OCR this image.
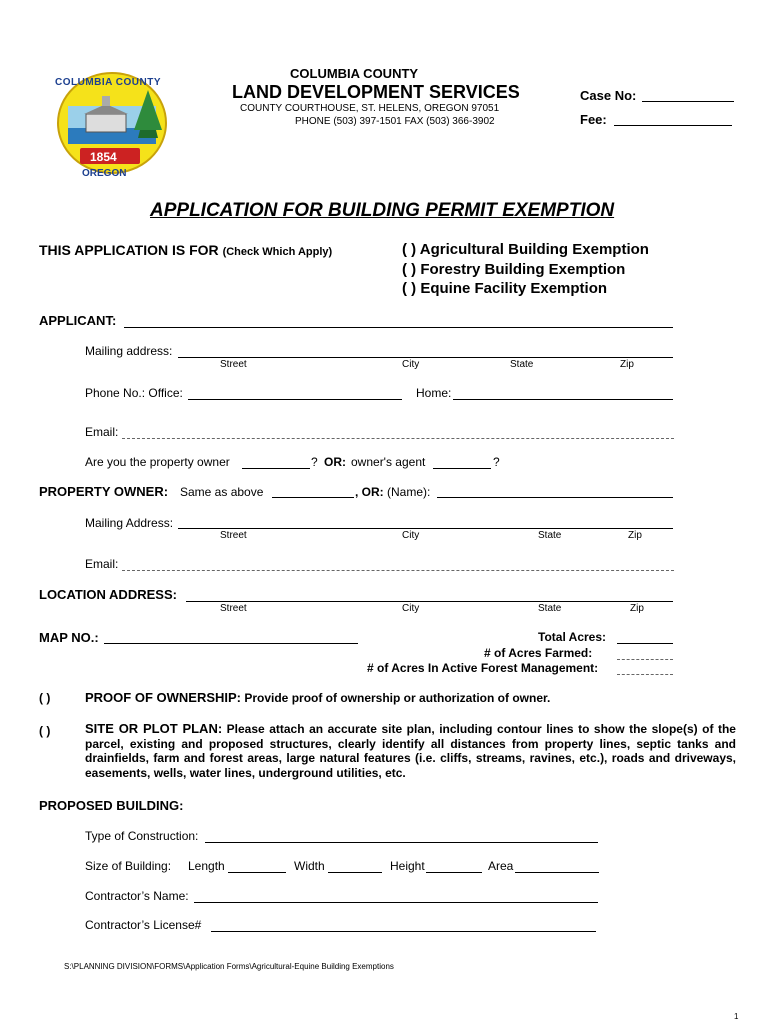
COLUMBIA COUNTY
1854
OREGON
COLUMBIA COUNTY
LAND DEVELOPMENT SERVICES
COUNTY COURTHOUSE, ST. HELENS, OREGON 97051
PHONE (503) 397-1501 FAX (503) 366-3902
Case No:
Fee:
APPLICATION FOR BUILDING PERMIT EXEMPTION
THIS APPLICATION IS FOR (Check Which Apply)	( ) Agricultural Building Exemption
( ) Forestry Building Exemption
( ) Equine Facility Exemption
APPLICANT:
Mailing address:
Street	City	State	Zip
Phone No.: Office:	Home:
Email:
Are you the property owner	? OR: owner's agent	?
PROPERTY OWNER: Same as above	, OR: (Name):
Mailing Address:
Street	City	State	Zip
Email:
LOCATION ADDRESS:
Street	City	State	Zip
MAP NO.:	Total Acres:
# of Acres Farmed:
# of Acres In Active Forest Management:
( )	PROOF OF OWNERSHIP: Provide proof of ownership or authorization of owner.
( )	SITE OR PLOT PLAN: Please attach an accurate site plan, including contour lines to show the slope(s) of the parcel, existing and proposed structures, clearly identify all distances from property lines, septic tanks and drainfields, farm and forest areas, large natural features (i.e. cliffs, streams, ravines, etc.), roads and driveways, easements, wells, water lines, underground utilities, etc.
PROPOSED BUILDING:
Type of Construction:
Size of Building: Length	Width	Height	Area
Contractor’s Name:
Contractor’s License#
S:\PLANNING DIVISION\FORMS\Application Forms\Agricultural-Equine Building Exemptions
1
